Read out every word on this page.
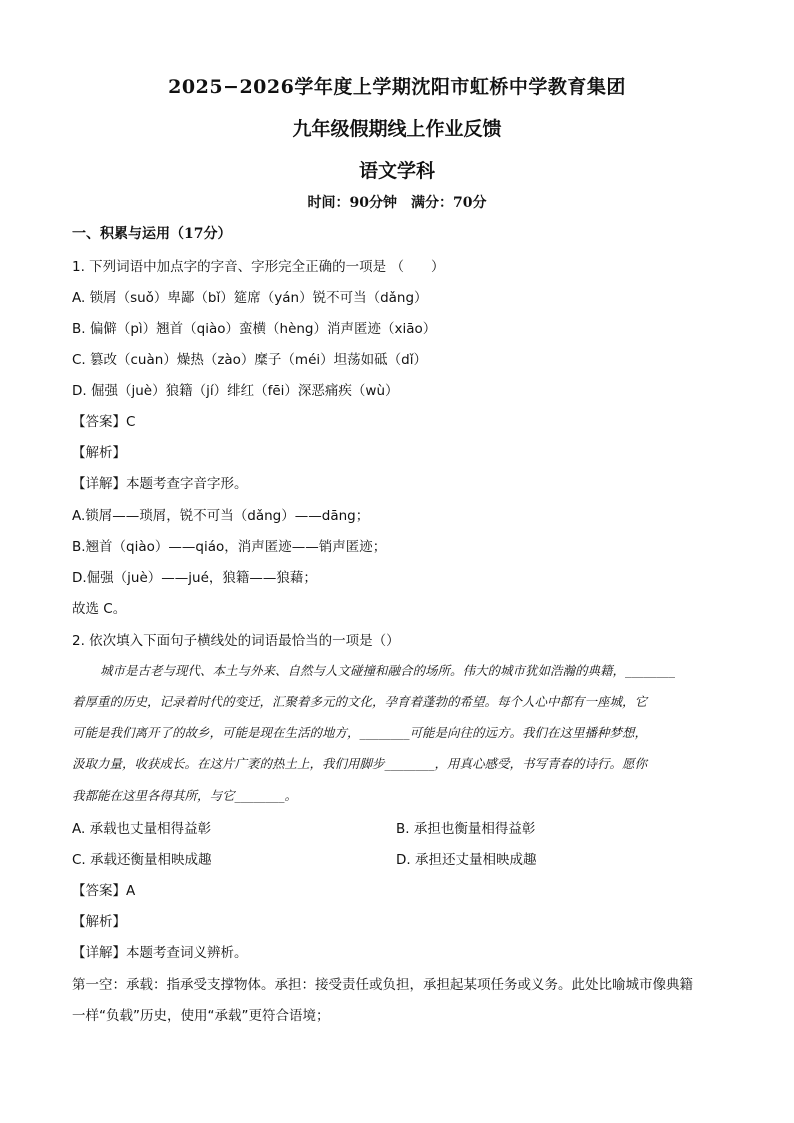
2025−2026学年度上学期沈阳市虹桥中学教育集团
九年级假期线上作业反馈
语文学科
时间：90分钟　满分：70分
一、积累与运用（17分）
1. 下列词语中加点字的字音、字形完全正确的一项是 （　　）
A. 锁屑（suǒ）卑鄙（bǐ）筵席（yán）锐不可当（dǎng）
B. 偏僻（pì）翘首（qiào）蛮横（hèng）消声匿迹（xiāo）
C. 篡改（cuàn）燥热（zào）糜子（méi）坦荡如砥（dǐ）
D. 倔强（juè）狼籍（jí）绯红（fēi）深恶痛疾（wù）
【答案】C
【解析】
【详解】本题考查字音字形。
A.锁屑——琐屑，锐不可当（dǎng）——dāng；
B.翘首（qiào）——qiáo，消声匿迹——销声匿迹；
D.倔强（juè）——jué，狼籍——狼藉；
故选 C。
2. 依次填入下面句子横线处的词语最恰当的一项是（）
城市是古老与现代、本土与外来、自然与人文碰撞和融合的场所。伟大的城市犹如浩瀚的典籍，________
着厚重的历史，记录着时代的变迁，汇聚着多元的文化，孕育着蓬勃的希望。每个人心中都有一座城，它
可能是我们离开了的故乡，可能是现在生活的地方，________可能是向往的远方。我们在这里播种梦想，
汲取力量，收获成长。在这片广袤的热土上，我们用脚步________，用真心感受，书写青春的诗行。愿你
我都能在这里各得其所，与它________。
A. 承载也丈量相得益彰	B. 承担也衡量相得益彰
C. 承载还衡量相映成趣	D. 承担还丈量相映成趣
【答案】A
【解析】
【详解】本题考查词义辨析。
第一空：承载：指承受支撑物体。承担：接受责任或负担，承担起某项任务或义务。此处比喻城市像典籍
一样“负载”历史，使用“承载”更符合语境；
